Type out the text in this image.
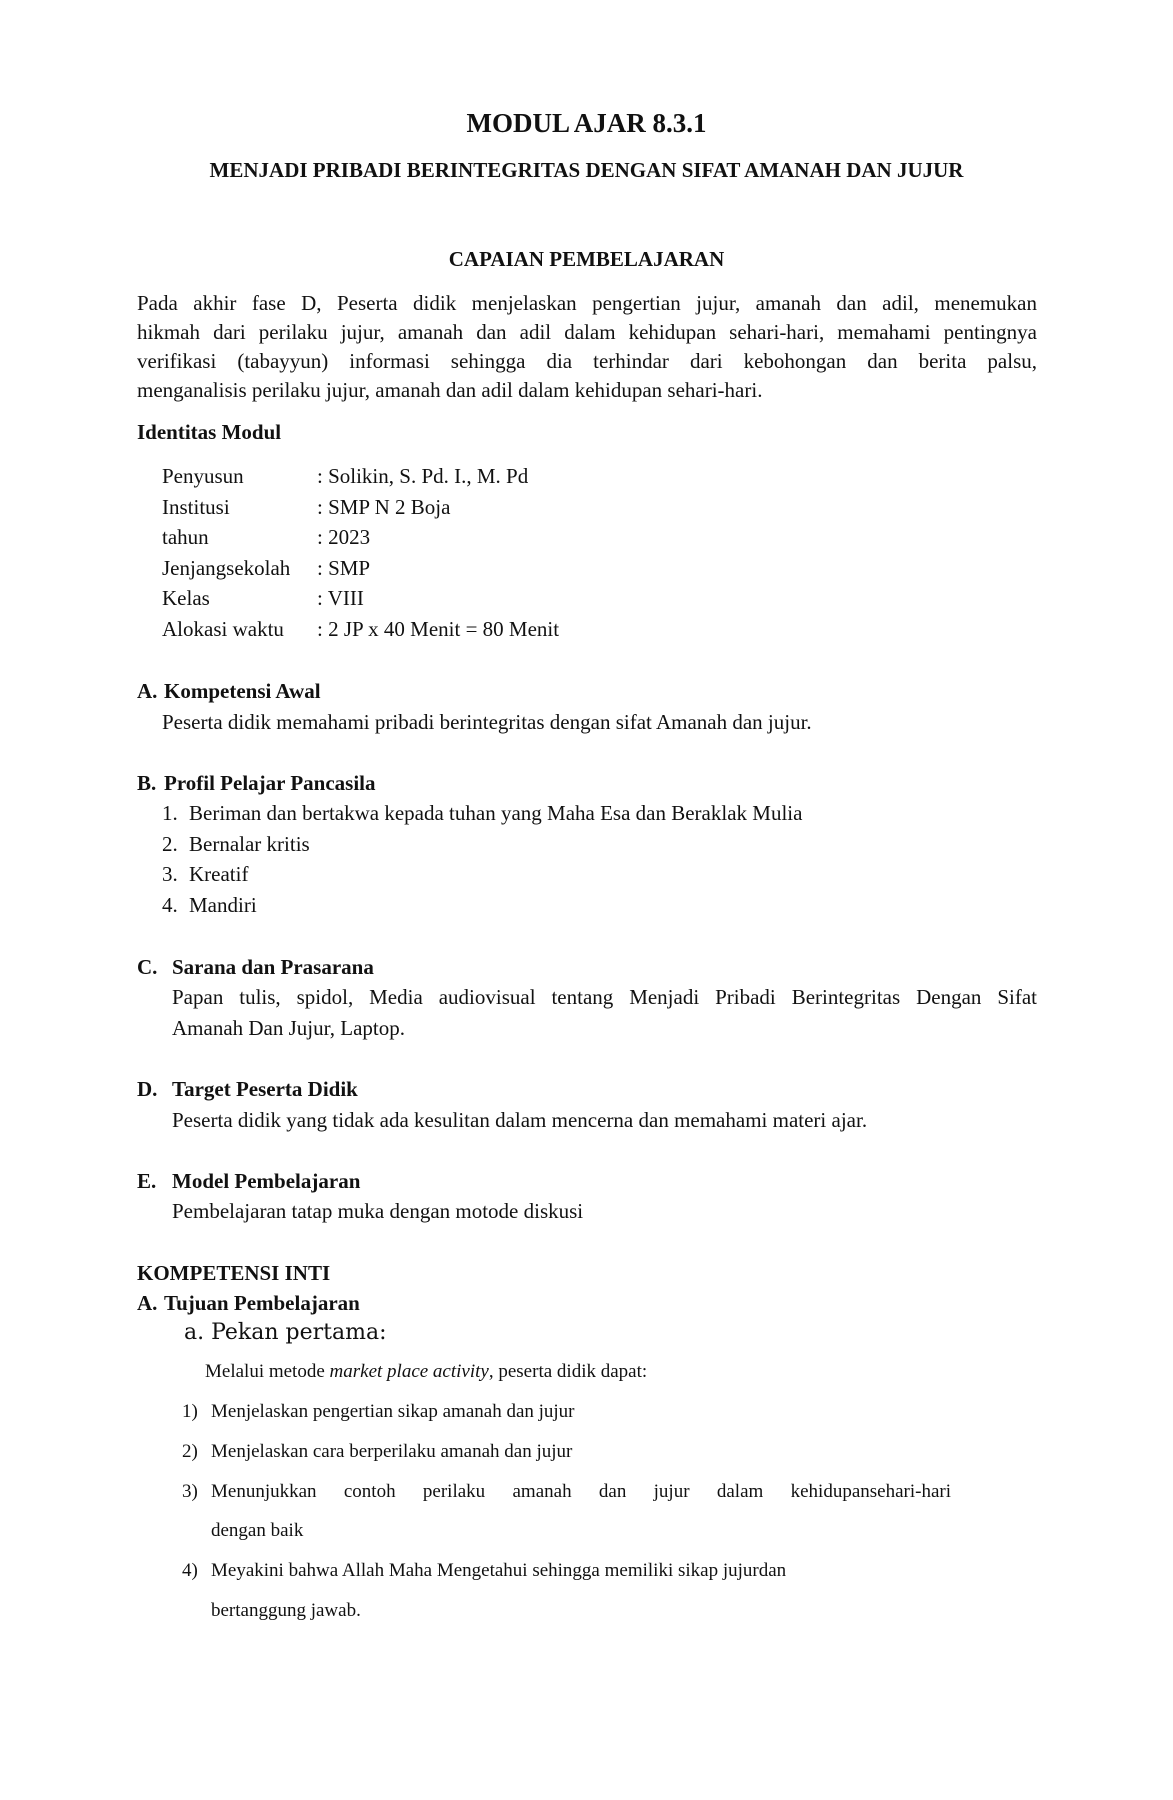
MODUL AJAR 8.3.1
MENJADI PRIBADI BERINTEGRITAS DENGAN SIFAT AMANAH DAN JUJUR
CAPAIAN PEMBELAJARAN
Pada akhir fase D, Peserta didik menjelaskan pengertian jujur, amanah dan adil, menemukan
hikmah dari perilaku jujur, amanah dan adil dalam kehidupan sehari-hari, memahami pentingnya
verifikasi (tabayyun) informasi sehingga dia terhindar dari kebohongan dan berita palsu,
menganalisis perilaku jujur, amanah dan adil dalam kehidupan sehari-hari.
Identitas Modul
Penyusun	: Solikin, S. Pd. I., M. Pd
Institusi	: SMP N 2 Boja
tahun	: 2023
Jenjangsekolah : SMP
Kelas	: VIII
Alokasi waktu : 2 JP x 40 Menit = 80 Menit
A. Kompetensi Awal
Peserta didik memahami pribadi berintegritas dengan sifat Amanah dan jujur.
B. Profil Pelajar Pancasila
1. Beriman dan bertakwa kepada tuhan yang Maha Esa dan Beraklak Mulia
2. Bernalar kritis
3. Kreatif
4. Mandiri
C. Sarana dan Prasarana
Papan tulis, spidol, Media audiovisual tentang Menjadi Pribadi Berintegritas Dengan Sifat
Amanah Dan Jujur, Laptop.
D. Target Peserta Didik
Peserta didik yang tidak ada kesulitan dalam mencerna dan memahami materi ajar.
E. Model Pembelajaran
Pembelajaran tatap muka dengan motode diskusi
KOMPETENSI INTI
A. Tujuan Pembelajaran
a. Pekan pertama:
Melalui metode market place activity, peserta didik dapat:
1) Menjelaskan pengertian sikap amanah dan jujur
2) Menjelaskan cara berperilaku amanah dan jujur
3) Menunjukkan contoh perilaku amanah dan jujur dalam kehidupansehari-hari
dengan baik
4) Meyakini bahwa Allah Maha Mengetahui sehingga memiliki sikap jujurdan
bertanggung jawab.
